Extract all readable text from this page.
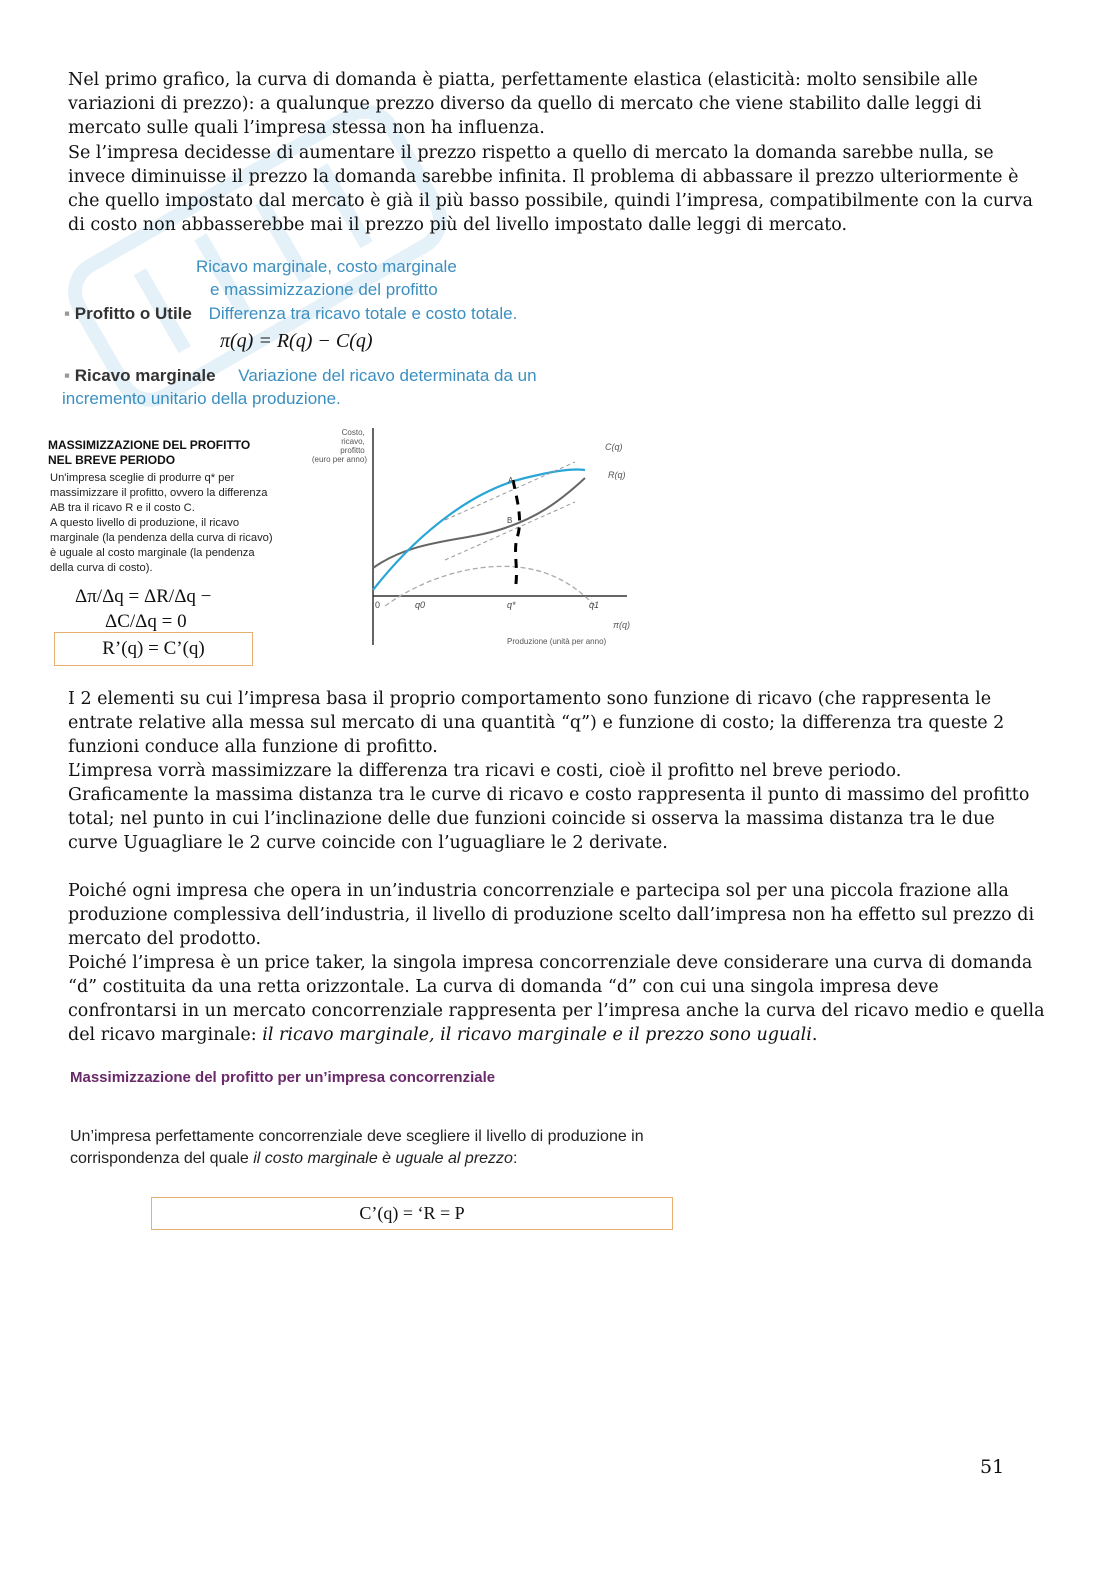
Nel primo grafico, la curva di domanda è piatta, perfettamente elastica (elasticità: molto sensibile alle variazioni di prezzo): a qualunque prezzo diverso da quello di mercato che viene stabilito dalle leggi di mercato sulle quali l’impresa stessa non ha influenza.

Se l’impresa decidesse di aumentare il prezzo rispetto a quello di mercato la domanda sarebbe nulla, se invece diminuisse il prezzo la domanda sarebbe infinita. Il problema di abbassare il prezzo ulteriormente è che quello impostato dal mercato è già il più basso possibile, quindi l’impresa, compatibilmente con la curva di costo non abbasserebbe mai il prezzo più del livello impostato dalle leggi di mercato.

Ricavo marginale, costo marginale
e massimizzazione del profitto
▪ Profitto o Utile Differenza tra ricavo totale e costo totale.
π(q) = R(q) − C(q)
▪ Ricavo marginale Variazione del ricavo determinata da un
incremento unitario della produzione.
MASSIMIZZAZIONE DEL PROFITTO
NEL BREVE PERIODO
Un'impresa sceglie di produrre q* per massimizzare il profitto, ovvero la differenza AB tra il ricavo R e il costo C.
A questo livello di produzione, il ricavo marginale (la pendenza della curva di ricavo) è uguale al costo marginale (la pendenza della curva di costo).
Δπ/Δq = ΔR/Δq −
ΔC/Δq = 0
R’(q) = C’(q)
Costo, ricavo, profitto (euro per anno)
C(q)
R(q)
π(q)
A
B
0	q0	q*	q1
Produzione (unità per anno)

I 2 elementi su cui l’impresa basa il proprio comportamento sono funzione di ricavo (che rappresenta le entrate relative alla messa sul mercato di una quantità “q”) e funzione di costo; la differenza tra queste 2 funzioni conduce alla funzione di profitto.

L’impresa vorrà massimizzare la differenza tra ricavi e costi, cioè il profitto nel breve periodo.

Graficamente la massima distanza tra le curve di ricavo e costo rappresenta il punto di massimo del profitto total; nel punto in cui l’inclinazione delle due funzioni coincide si osserva la massima distanza tra le due curve Uguagliare le 2 curve coincide con l’uguagliare le 2 derivate.

Poiché ogni impresa che opera in un’industria concorrenziale e partecipa sol per una piccola frazione alla produzione complessiva dell’industria, il livello di produzione scelto dall’impresa non ha effetto sul prezzo di mercato del prodotto.

Poiché l’impresa è un price taker, la singola impresa concorrenziale deve considerare una curva di domanda “d” costituita da una retta orizzontale. La curva di domanda “d” con cui una singola impresa deve confrontarsi in un mercato concorrenziale rappresenta per l’impresa anche la curva del ricavo medio e quella del ricavo marginale: il ricavo marginale, il ricavo marginale e il prezzo sono uguali.

Massimizzazione del profitto per un’impresa concorrenziale
Un’impresa perfettamente concorrenziale deve scegliere il livello di produzione in corrispondenza del quale il costo marginale è uguale al prezzo:
C’(q) = ‘R = P
51
